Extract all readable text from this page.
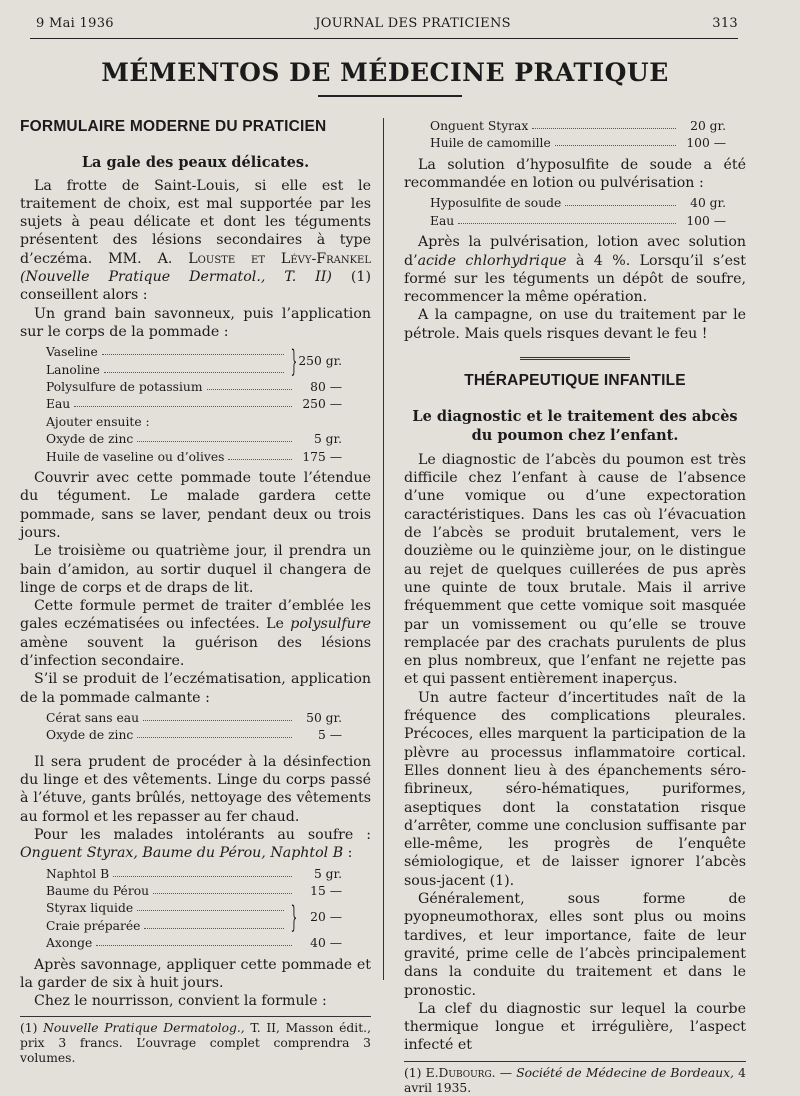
9 Mai 1936	JOURNAL DES PRATICIENS	313
MÉMENTOS DE MÉDECINE PRATIQUE
FORMULAIRE MODERNE DU PRATICIEN
La gale des peaux délicates.

La frotte de Saint-Louis, si elle est le traitement de choix, est mal supportée par les sujets à peau délicate et dont les téguments présentent des lésions secondaires à type d’eczéma. MM. A. Louste et Lévy-Frankel (Nouvelle Pratique Dermatol., T. II) (1) conseillent alors :

Un grand bain savonneux, puis l’application sur le corps de la pommade :

Vaseline
Lanoline	} 250 gr.
Polysulfure de potassium	80 —
Eau	250 —
Ajouter ensuite :
Oxyde de zinc	5 gr.
Huile de vaseline ou d’olives	175 —

Couvrir avec cette pommade toute l’étendue du tégument. Le malade gardera cette pommade, sans se laver, pendant deux ou trois jours.

Le troisième ou quatrième jour, il prendra un bain d’amidon, au sortir duquel il changera de linge de corps et de draps de lit.

Cette formule permet de traiter d’emblée les gales eczématisées ou infectées. Le polysulfure amène souvent la guérison des lésions d’infection secondaire.

S’il se produit de l’eczématisation, application de la pommade calmante :

Cérat sans eau	50 gr.
Oxyde de zinc	5 —

Il sera prudent de procéder à la désinfection du linge et des vêtements. Linge du corps passé à l’étuve, gants brûlés, nettoyage des vêtements au formol et les repasser au fer chaud.

Pour les malades intolérants au soufre : Onguent Styrax, Baume du Pérou, Naphtol B :

Naphtol B	5 gr.
Baume du Pérou	15 —
Styrax liquide
Craie préparée	}	20 —
Axonge	40 —

Après savonnage, appliquer cette pommade et la garder de six à huit jours.

Chez le nourrisson, convient la formule :

(1) Nouvelle Pratique Dermatolog., T. II, Masson édit., prix 3 francs. L’ouvrage complet comprendra 3 volumes.
Onguent Styrax	20 gr.
Huile de camomille	100 —

La solution d’hyposulfite de soude a été recommandée en lotion ou pulvérisation :

Hyposulfite de soude	40 gr.
Eau	100 —

Après la pulvérisation, lotion avec solution d’acide chlorhydrique à 4 %. Lorsqu’il s’est formé sur les téguments un dépôt de soufre, recommencer la même opération.

A la campagne, on use du traitement par le pétrole. Mais quels risques devant le feu !

THÉRAPEUTIQUE INFANTILE
Le diagnostic et le traitement des abcès du poumon chez l’enfant.

Le diagnostic de l’abcès du poumon est très difficile chez l’enfant à cause de l’absence d’une vomique ou d’une expectoration caractéristiques. Dans les cas où l’évacuation de l’abcès se produit brutalement, vers le douzième ou le quinzième jour, on le distingue au rejet de quelques cuillerées de pus après une quinte de toux brutale. Mais il arrive fréquemment que cette vomique soit masquée par un vomissement ou qu’elle se trouve remplacée par des crachats purulents de plus en plus nombreux, que l’enfant ne rejette pas et qui passent entièrement inaperçus.

Un autre facteur d’incertitudes naît de la fréquence des complications pleurales. Précoces, elles marquent la participation de la plèvre au processus inflammatoire cortical. Elles donnent lieu à des épanchements séro-fibrineux, séro-hématiques, puriformes, aseptiques dont la constatation risque d’arrêter, comme une conclusion suffisante par elle-même, les progrès de l’enquête sémiologique, et de laisser ignorer l’abcès sous-jacent (1).

Généralement, sous forme de pyopneumothorax, elles sont plus ou moins tardives, et leur importance, faite de leur gravité, prime celle de l’abcès principalement dans la conduite du traitement et dans le pronostic.

La clef du diagnostic sur lequel la courbe thermique longue et irrégulière, l’aspect infecté et

(1) E.Dubourg. — Société de Médecine de Bordeaux, 4 avril 1935.
